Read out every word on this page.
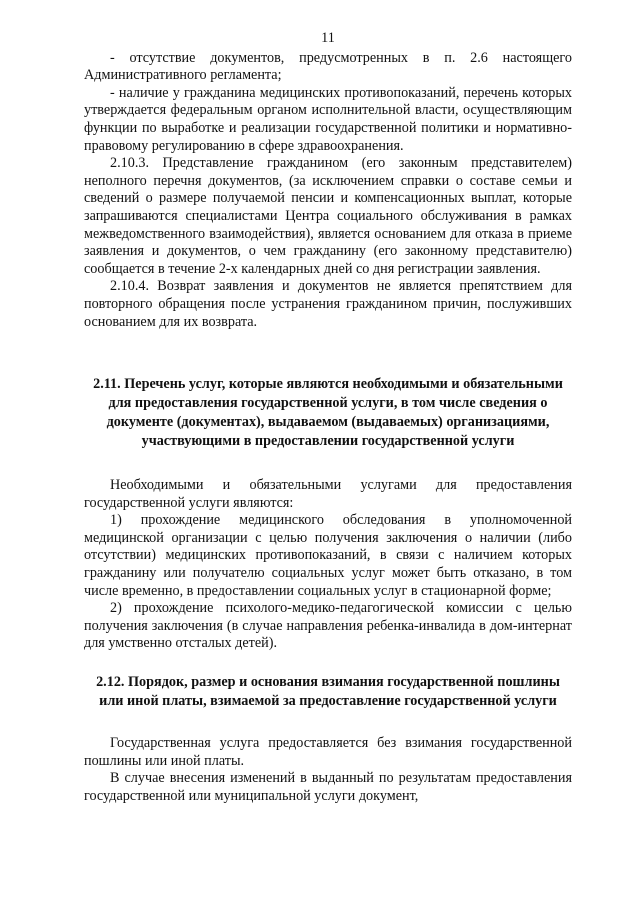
11

- отсутствие документов, предусмотренных в п. 2.6 настоящего Административного регламента;

- наличие у гражданина медицинских противопоказаний, перечень которых утверждается федеральным органом исполнительной власти, осуществляющим функции по выработке и реализации государственной политики и нормативно-правовому регулированию в сфере здравоохранения.

2.10.3. Представление гражданином (его законным представителем) неполного перечня документов, (за исключением справки о составе семьи и сведений о размере получаемой пенсии и компенсационных выплат, которые запрашиваются специалистами Центра социального обслуживания в рамках межведомственного взаимодействия), является основанием для отказа в приеме заявления и документов, о чем гражданину (его законному представителю) сообщается в течение 2-х календарных дней со дня регистрации заявления.

2.10.4. Возврат заявления и документов не является препятствием для повторного обращения после устранения гражданином причин, послуживших основанием для их возврата.

2.11. Перечень услуг, которые являются необходимыми и обязательными для предоставления государственной услуги, в том числе сведения о документе (документах), выдаваемом (выдаваемых) организациями, участвующими в предоставлении государственной услуги

Необходимыми и обязательными услугами для предоставления государственной услуги являются:

1) прохождение медицинского обследования в уполномоченной медицинской организации с целью получения заключения о наличии (либо отсутствии) медицинских противопоказаний, в связи с наличием которых гражданину или получателю социальных услуг может быть отказано, в том числе временно, в предоставлении социальных услуг в стационарной форме;

2) прохождение психолого-медико-педагогической комиссии с целью получения заключения (в случае направления ребенка-инвалида в дом-интернат для умственно отсталых детей).

2.12. Порядок, размер и основания взимания государственной пошлины или иной платы, взимаемой за предоставление государственной услуги

Государственная услуга предоставляется без взимания государственной пошлины или иной платы.

В случае внесения изменений в выданный по результатам предоставления государственной или муниципальной услуги документ,
